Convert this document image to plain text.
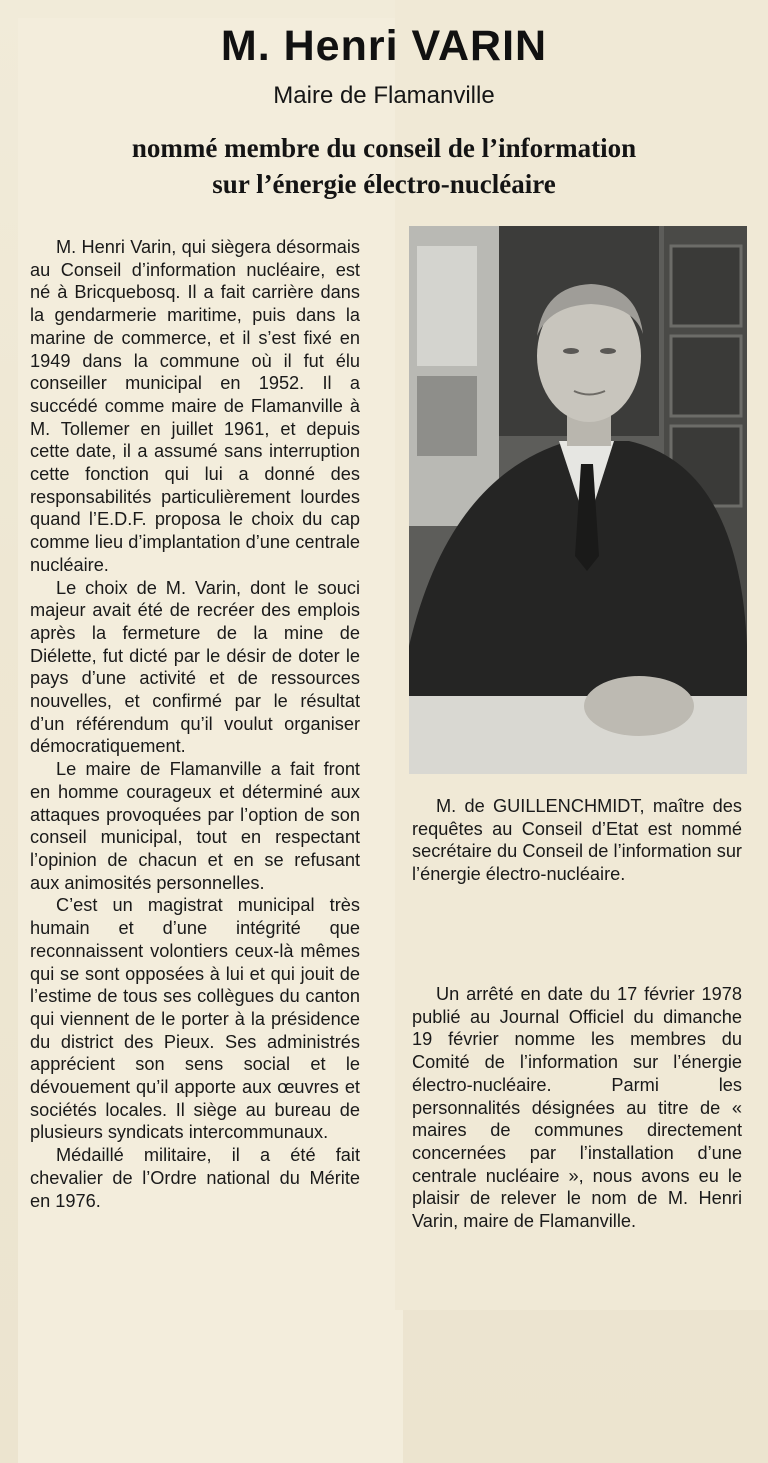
M. Henri VARIN
Maire de Flamanville
nommé membre du conseil de l’information
sur l’énergie électro-nucléaire

M. Henri Varin, qui siègera désormais au Conseil d’information nucléaire, est né à Bricquebosq. Il a fait carrière dans la gendarmerie maritime, puis dans la marine de commerce, et il s’est fixé en 1949 dans la commune où il fut élu conseiller municipal en 1952. Il a succédé comme maire de Flamanville à M. Tollemer en juillet 1961, et depuis cette date, il a assumé sans interruption cette fonction qui lui a donné des responsabilités particulièrement lourdes quand l’E.D.F. proposa le choix du cap comme lieu d’implantation d’une centrale nucléaire.

Le choix de M. Varin, dont le souci majeur avait été de recréer des emplois après la fermeture de la mine de Diélette, fut dicté par le désir de doter le pays d’une activité et de ressources nouvelles, et confirmé par le résultat d’un référendum qu’il voulut organiser démocratiquement.

Le maire de Flamanville a fait front en homme courageux et déterminé aux attaques provoquées par l’option de son conseil municipal, tout en respectant l’opinion de chacun et en se refusant aux animosités personnelles.

C’est un magistrat municipal très humain et d’une intégrité que reconnaissent volontiers ceux-là mêmes qui se sont opposées à lui et qui jouit de l’estime de tous ses collègues du canton qui viennent de le porter à la présidence du district des Pieux. Ses administrés apprécient son sens social et le dévouement qu’il apporte aux œuvres et sociétés locales. Il siège au bureau de plusieurs syndicats intercommunaux.

Médaillé militaire, il a été fait chevalier de l’Ordre national du Mérite en 1976.

M. de GUILLENCHMIDT, maître des requêtes au Conseil d’Etat est nommé secrétaire du Conseil de l’information sur l’énergie électro-nucléaire.

Un arrêté en date du 17 février 1978 publié au Journal Officiel du dimanche 19 février nomme les membres du Comité de l’information sur l’énergie électro-nucléaire. Parmi les personnalités désignées au titre de « maires de communes directement concernées par l’installation d’une centrale nucléaire », nous avons eu le plaisir de relever le nom de M. Henri Varin, maire de Flamanville.
